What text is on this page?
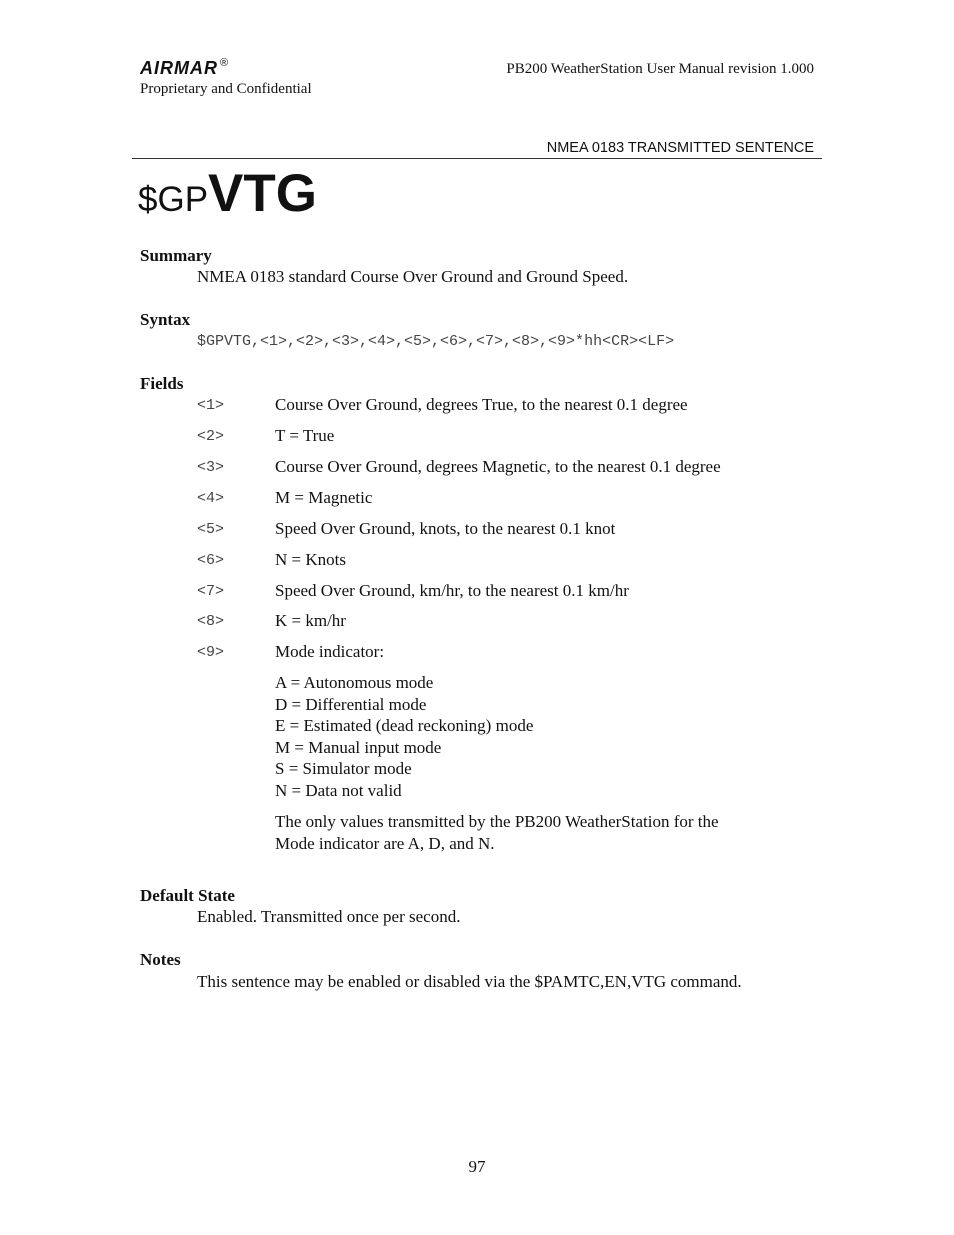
AIRMAR ®
Proprietary and Confidential
PB200 WeatherStation User Manual revision 1.000
NMEA 0183 TRANSMITTED SENTENCE
$GPVTG
Summary
NMEA 0183 standard Course Over Ground and Ground Speed.
Syntax
$GPVTG,<1>,<2>,<3>,<4>,<5>,<6>,<7>,<8>,<9>*hh<CR><LF>
Fields
<1>	Course Over Ground, degrees True, to the nearest 0.1 degree
<2>	T = True
<3>	Course Over Ground, degrees Magnetic, to the nearest 0.1 degree
<4>	M = Magnetic
<5>	Speed Over Ground, knots, to the nearest 0.1 knot
<6>	N = Knots
<7>	Speed Over Ground, km/hr, to the nearest 0.1 km/hr
<8>	K = km/hr
<9>	Mode indicator:
A = Autonomous mode
D = Differential mode
E = Estimated (dead reckoning) mode
M = Manual input mode
S = Simulator mode
N = Data not valid
The only values transmitted by the PB200 WeatherStation for the
Mode indicator are A, D, and N.
Default State
Enabled. Transmitted once per second.
Notes
This sentence may be enabled or disabled via the $PAMTC,EN,VTG command.
97
